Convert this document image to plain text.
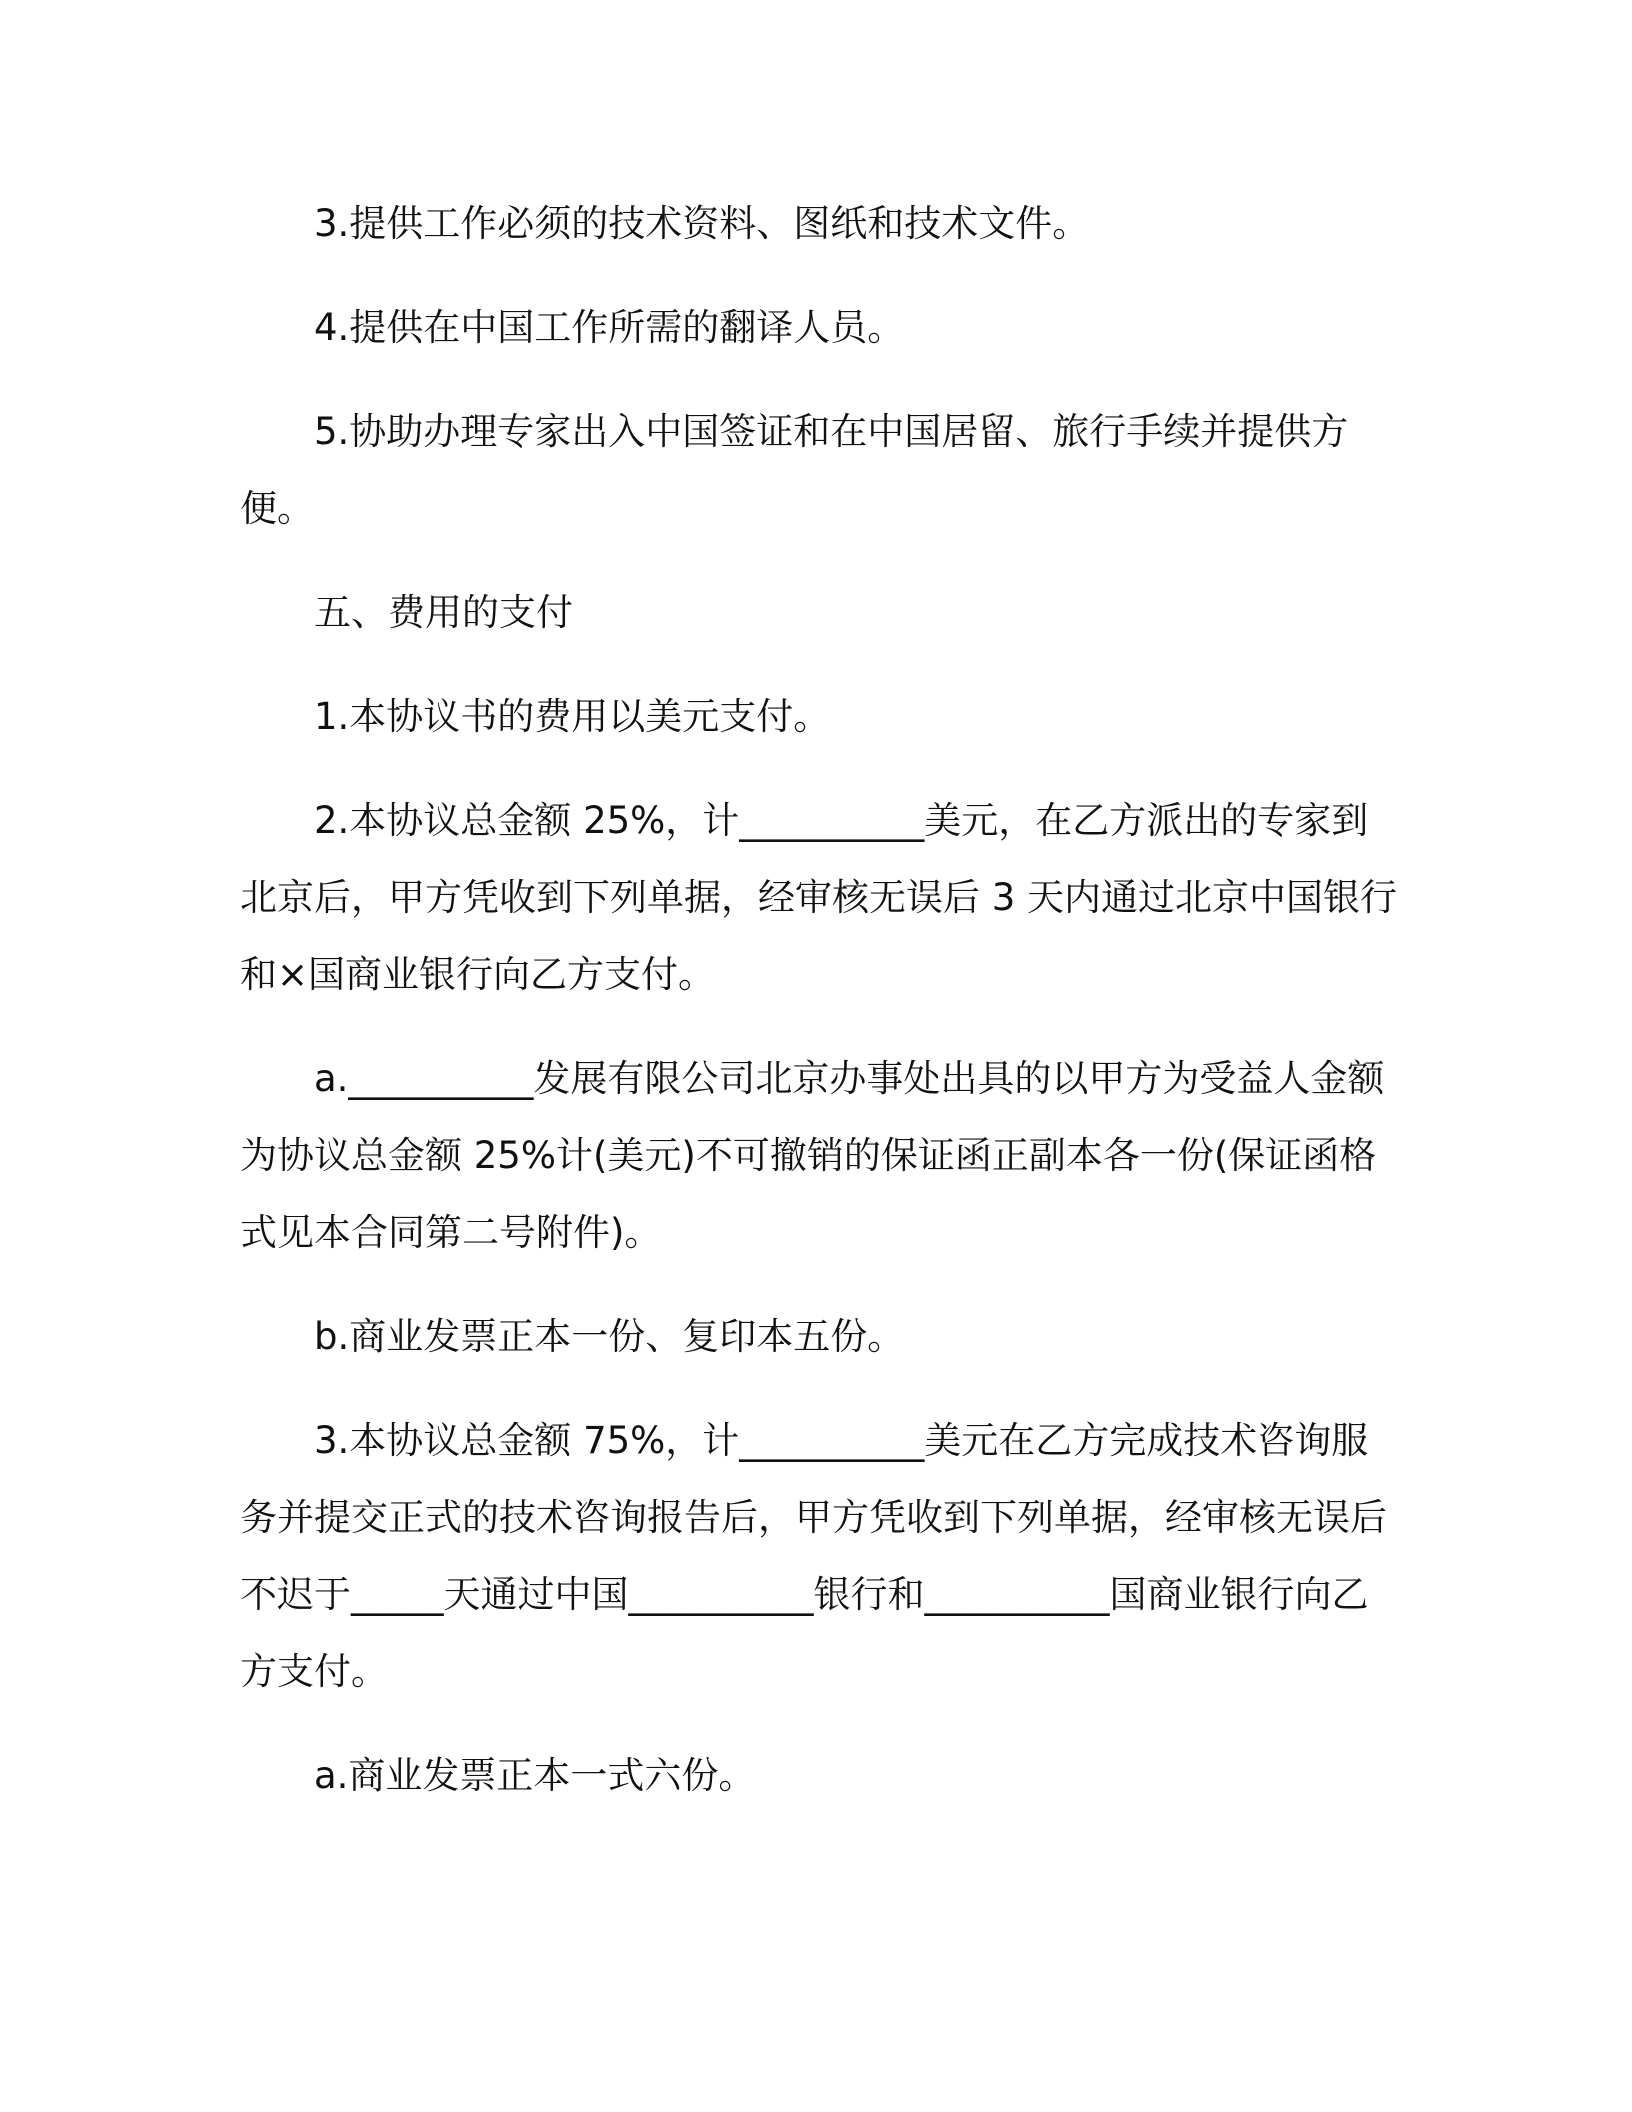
3.提供工作必须的技术资料、图纸和技术文件。

4.提供在中国工作所需的翻译人员。

5.协助办理专家出入中国签证和在中国居留、旅行手续并提供方便。

五、费用的支付

1.本协议书的费用以美元支付。

2.本协议总金额 25%，计__________美元，在乙方派出的专家到北京后，甲方凭收到下列单据，经审核无误后 3 天内通过北京中国银行和×国商业银行向乙方支付。

a.__________发展有限公司北京办事处出具的以甲方为受益人金额为协议总金额 25%计(美元)不可撤销的保证函正副本各一份(保证函格式见本合同第二号附件)。

b.商业发票正本一份、复印本五份。

3.本协议总金额 75%，计__________美元在乙方完成技术咨询服务并提交正式的技术咨询报告后，甲方凭收到下列单据，经审核无误后不迟于_____天通过中国__________银行和__________国商业银行向乙方支付。

a.商业发票正本一式六份。
